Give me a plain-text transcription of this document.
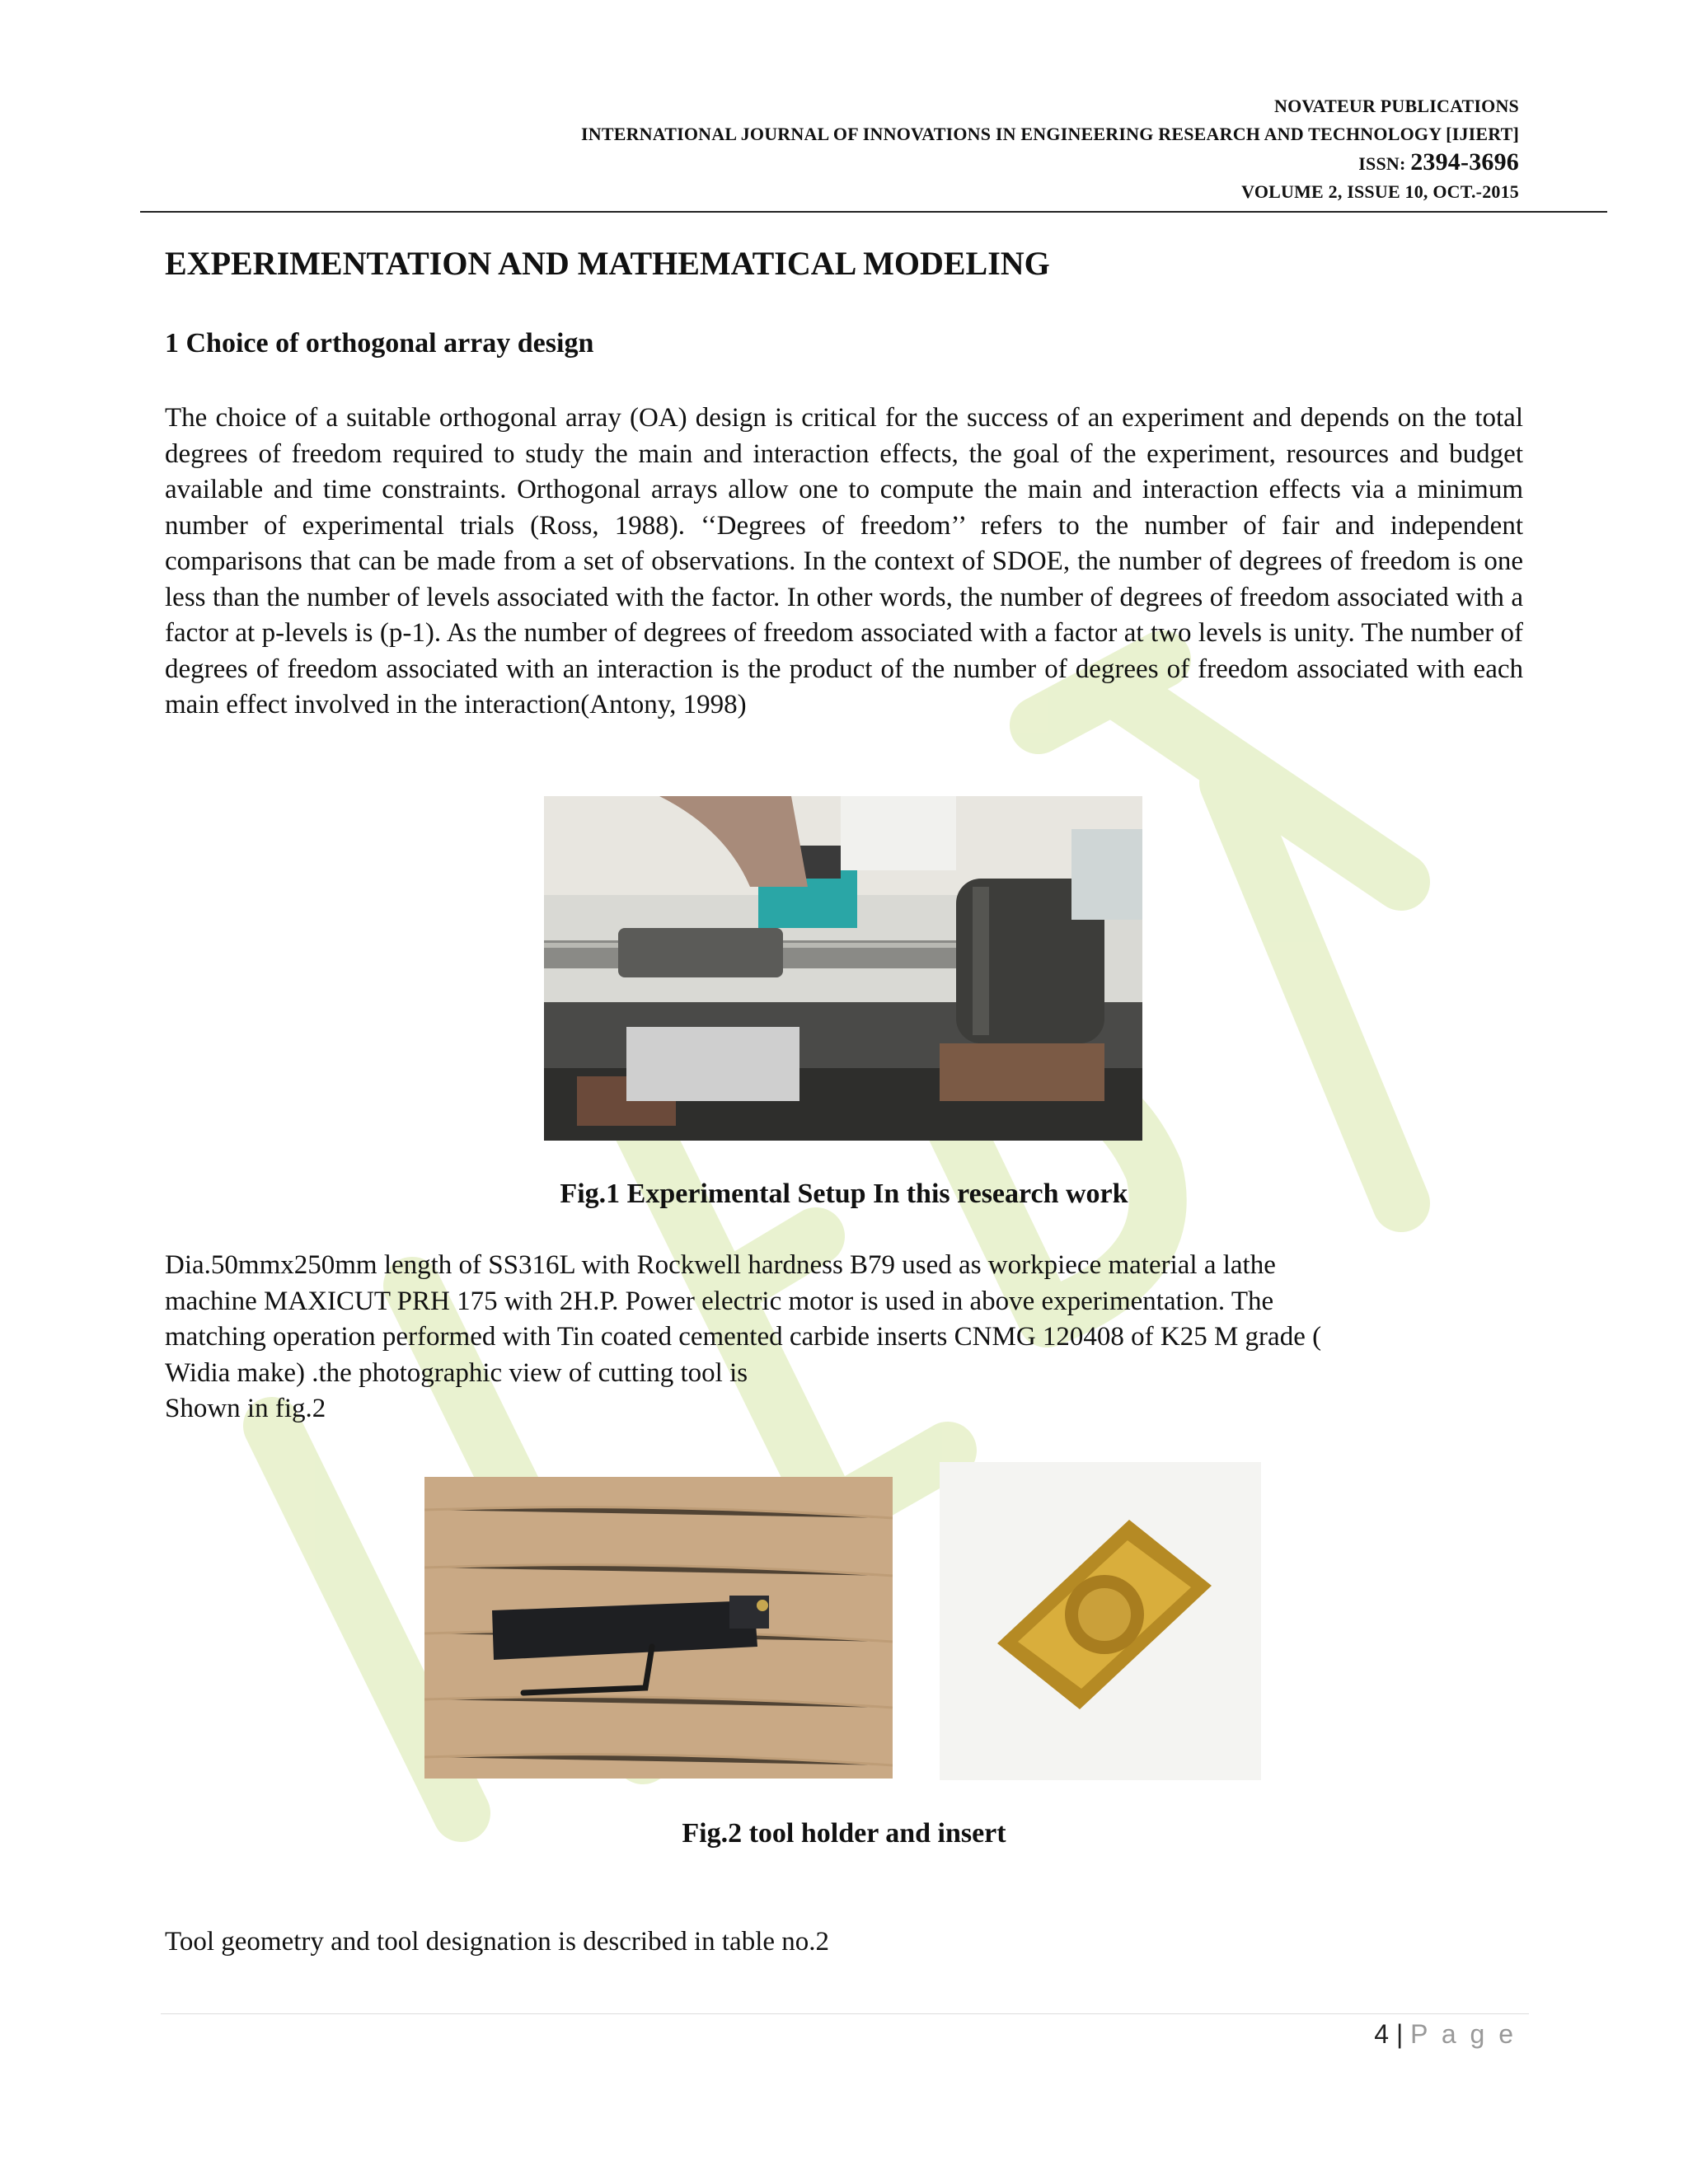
NOVATEUR PUBLICATIONS
INTERNATIONAL JOURNAL OF INNOVATIONS IN ENGINEERING RESEARCH AND TECHNOLOGY [IJIERT]
ISSN: 2394-3696
VOLUME 2, ISSUE 10, OCT.-2015
EXPERIMENTATION AND MATHEMATICAL MODELING
1 Choice of orthogonal array design

The choice of a suitable orthogonal array (OA) design is critical for the success of an experiment and depends on the total degrees of freedom required to study the main and interaction effects, the goal of the experiment, resources and budget available and time constraints. Orthogonal arrays allow one to compute the main and interaction effects via a minimum number of experimental trials (Ross, 1988). ‘‘Degrees of freedom’’ refers to the number of fair and independent comparisons that can be made from a set of observations. In the context of SDOE, the number of degrees of freedom is one less than the number of levels associated with the factor. In other words, the number of degrees of freedom associated with a factor at p-levels is (p-1). As the number of degrees of freedom associated with a factor at two levels is unity. The number of degrees of freedom associated with an interaction is the product of the number of degrees of freedom associated with each main effect involved in the interaction(Antony, 1998)

Fig.1 Experimental Setup In this research work

Dia.50mmx250mm length of SS316L with Rockwell hardness B79 used as workpiece material a lathe
machine MAXICUT PRH 175 with 2H.P. Power electric motor is used in above experimentation. The
matching operation performed with Tin coated cemented carbide inserts CNMG 120408 of K25 M grade (
Widia make) .the photographic view of cutting tool is
Shown in fig.2

Fig.2 tool holder and insert

Tool geometry and tool designation is described in table no.2

4 | P a g e
